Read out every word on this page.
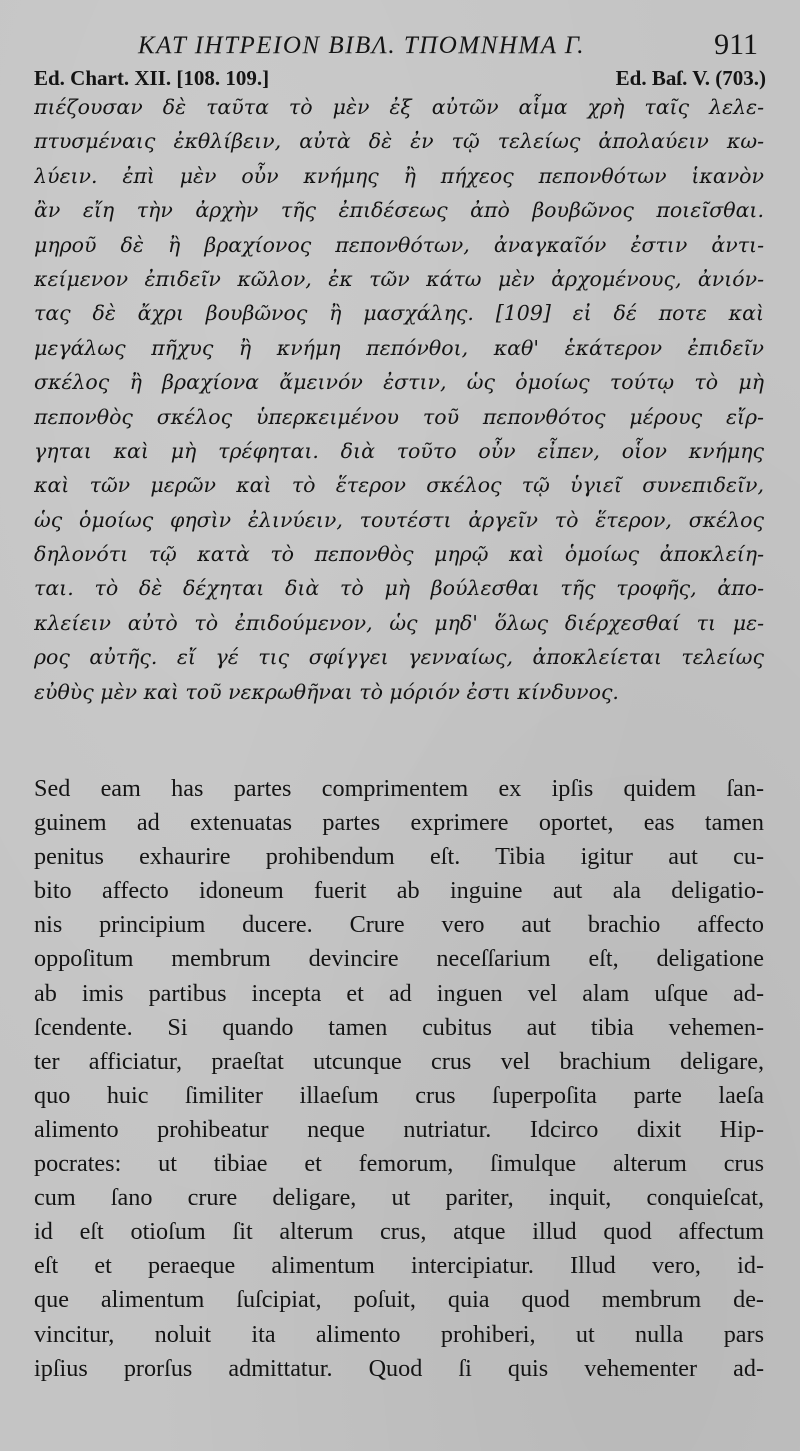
ΚΑΤ ΙΗΤΡΕΙΟΝ ΒΙΒΛ. ΤΠΟΜΝΗΜΑ Γ.	911
Ed. Chart. XII. [108. 109.]	Ed. Baſ. V. (703.)
πιέζουσαν δὲ ταῦτα τὸ μὲν ἐξ αὐτῶν αἷμα χρὴ ταῖς λελε-
πτυσμέναις ἐκθλίβειν, αὐτὰ δὲ ἐν τῷ τελείως ἀπολαύειν κω-
λύειν. ἐπὶ μὲν οὖν κνήμης ἢ πήχεος πεπονθότων ἱκανὸν
ἂν εἴη τὴν ἀρχὴν τῆς ἐπιδέσεως ἀπὸ βουβῶνος ποιεῖσθαι.
μηροῦ δὲ ἢ βραχίονος πεπονθότων, ἀναγκαῖόν ἐστιν ἀντι-
κείμενον ἐπιδεῖν κῶλον, ἐκ τῶν κάτω μὲν ἀρχομένους, ἀνιόν-
τας δὲ ἄχρι βουβῶνος ἢ μασχάλης. [109] εἰ δέ ποτε καὶ
μεγάλως πῆχυς ἢ κνήμη πεπόνθοι, καθ' ἑκάτερον ἐπιδεῖν
σκέλος ἢ βραχίονα ἄμεινόν ἐστιν, ὡς ὁμοίως τούτῳ τὸ μὴ
πεπονθὸς σκέλος ὑπερκειμένου τοῦ πεπονθότος μέρους εἴρ-
γηται καὶ μὴ τρέφηται. διὰ τοῦτο οὖν εἶπεν, οἷον κνήμης
καὶ τῶν μερῶν καὶ τὸ ἕτερον σκέλος τῷ ὑγιεῖ συνεπιδεῖν,
ὡς ὁμοίως φησὶν ἐλινύειν, τουτέστι ἀργεῖν τὸ ἕτερον, σκέλος
δηλονότι τῷ κατὰ τὸ πεπονθὸς μηρῷ καὶ ὁμοίως ἀποκλείη-
ται. τὸ δὲ δέχηται διὰ τὸ μὴ βούλεσθαι τῆς τροφῆς, ἀπο-
κλείειν αὐτὸ τὸ ἐπιδούμενον, ὡς μηδ' ὅλως διέρχεσθαί τι με-
ρος αὐτῆς. εἴ γέ τις σφίγγει γενναίως, ἀποκλείεται τελείως
εὐθὺς μὲν καὶ τοῦ νεκρωθῆναι τὸ μόριόν ἐστι κίνδυνος.
Sed eam has partes comprimentem ex ipſis quidem ſan-
guinem ad extenuatas partes exprimere oportet, eas tamen
penitus exhaurire prohibendum eſt. Tibia igitur aut cu-
bito affecto idoneum fuerit ab inguine aut ala deligatio-
nis principium ducere. Crure vero aut brachio affecto
oppoſitum membrum devincire neceſſarium eſt, deligatione
ab imis partibus incepta et ad inguen vel alam uſque ad-
ſcendente. Si quando tamen cubitus aut tibia vehemen-
ter afficiatur, praeſtat utcunque crus vel brachium deligare,
quo huic ſimiliter illaeſum crus ſuperpoſita parte laeſa
alimento prohibeatur neque nutriatur. Idcirco dixit Hip-
pocrates: ut tibiae et femorum, ſimulque alterum crus
cum ſano crure deligare, ut pariter, inquit, conquieſcat,
id eſt otioſum ſit alterum crus, atque illud quod affectum
eſt et peraeque alimentum intercipiatur. Illud vero, id-
que alimentum ſuſcipiat, poſuit, quia quod membrum de-
vincitur, noluit ita alimento prohiberi, ut nulla pars
ipſius prorſus admittatur. Quod ſi quis vehementer ad-
